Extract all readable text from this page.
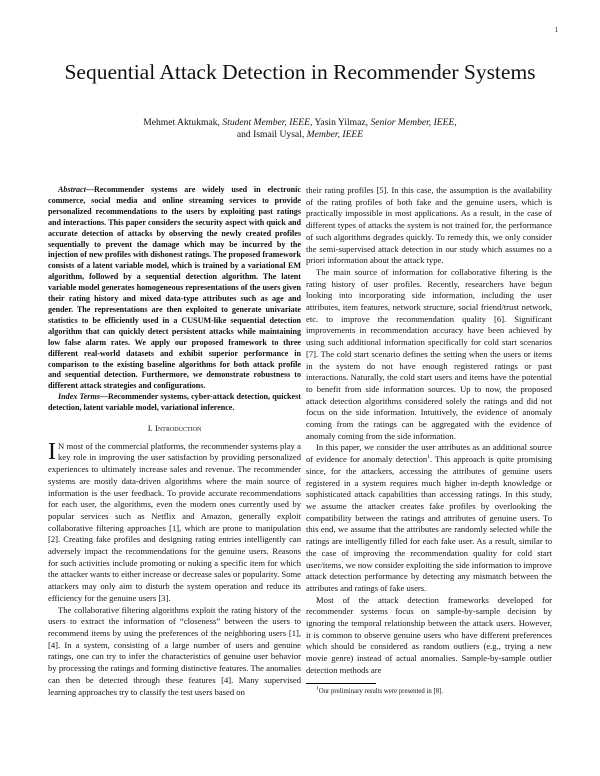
1
Sequential Attack Detection in Recommender Systems
Mehmet Aktukmak, Student Member, IEEE, Yasin Yilmaz, Senior Member, IEEE,
and Ismail Uysal, Member, IEEE

Abstract—Recommender systems are widely used in electronic commerce, social media and online streaming services to provide personalized recommendations to the users by exploiting past ratings and interactions. This paper considers the security aspect with quick and accurate detection of attacks by observing the newly created profiles sequentially to prevent the damage which may be incurred by the injection of new profiles with dishonest ratings. The proposed framework consists of a latent variable model, which is trained by a variational EM algorithm, followed by a sequential detection algorithm. The latent variable model generates homogeneous representations of the users given their rating history and mixed data-type attributes such as age and gender. The representations are then exploited to generate univariate statistics to be efficiently used in a CUSUM-like sequential detection algorithm that can quickly detect persistent attacks while maintaining low false alarm rates. We apply our proposed framework to three different real-world datasets and exhibit superior performance in comparison to the existing baseline algorithms for both attack profile and sequential detection. Furthermore, we demonstrate robustness to different attack strategies and configurations.

Index Terms—Recommender systems, cyber-attack detection, quickest detection, latent variable model, variational inference.

I. Introduction

I N most of the commercial platforms, the recommender systems play a key role in improving the user satisfaction by providing personalized experiences to ultimately increase sales and revenue. The recommender systems are mostly data-driven algorithms where the main source of information is the user feedback. To provide accurate recommendations for each user, the algorithms, even the modern ones currently used by popular services such as Netflix and Amazon, generally exploit collaborative filtering approaches [1], which are prone to manipulation [2]. Creating fake profiles and designing rating entries intelligently can adversely impact the recommendations for the genuine users. Reasons for such activities include promoting or nuking a specific item for which the attacker wants to either increase or decrease sales or popularity. Some attackers may only aim to disturb the system operation and reduce its efficiency for the genuine users [3].

The collaborative filtering algorithms exploit the rating history of the users to extract the information of “closeness” between the users to recommend items by using the preferences of the neighboring users [1], [4]. In a system, consisting of a large number of users and genuine ratings, one can try to infer the characteristics of genuine user behavior by processing the ratings and forming distinctive features. The anomalies can then be detected through these features [4]. Many supervised learning approaches try to classify the test users based on

their rating profiles [5]. In this case, the assumption is the availability of the rating profiles of both fake and the genuine users, which is practically impossible in most applications. As a result, in the case of different types of attacks the system is not trained for, the performance of such algorithms degrades quickly. To remedy this, we only consider the semi-supervised attack detection in our study which assumes no a priori information about the attack type.

The main source of information for collaborative filtering is the rating history of user profiles. Recently, researchers have begun looking into incorporating side information, including the user attributes, item features, network structure, social friend/trust network, etc. to improve the recommendation quality [6]. Significant improvements in recommendation accuracy have been achieved by using such additional information specifically for cold start scenarios [7]. The cold start scenario defines the setting when the users or items in the system do not have enough registered ratings or past interactions. Naturally, the cold start users and items have the potential to benefit from side information sources. Up to now, the proposed attack detection algorithms considered solely the ratings and did not focus on the side information. Intuitively, the evidence of anomaly coming from the ratings can be aggregated with the evidence of anomaly coming from the side information.

In this paper, we consider the user attributes as an additional source of evidence for anomaly detection$^1$. This approach is quite promising since, for the attackers, accessing the attributes of genuine users registered in a system requires much higher in-depth knowledge or sophisticated attack capabilities than accessing ratings. In this study, we assume the attacker creates fake profiles by overlooking the compatibility between the ratings and attributes of genuine users. To this end, we assume that the attributes are randomly selected while the ratings are intelligently filled for each fake user. As a result, similar to the case of improving the recommendation quality for cold start user/items, we now consider exploiting the side information to improve attack detection performance by detecting any mismatch between the attributes and ratings of fake users.

Most of the attack detection frameworks developed for recommender systems focus on sample-by-sample decision by ignoring the temporal relationship between the attack users. However, it is common to observe genuine users who have different preferences which should be considered as random outliers (e.g., trying a new movie genre) instead of actual anomalies. Sample-by-sample outlier detection methods are

$^1$Our preliminary results were presented in [8].
